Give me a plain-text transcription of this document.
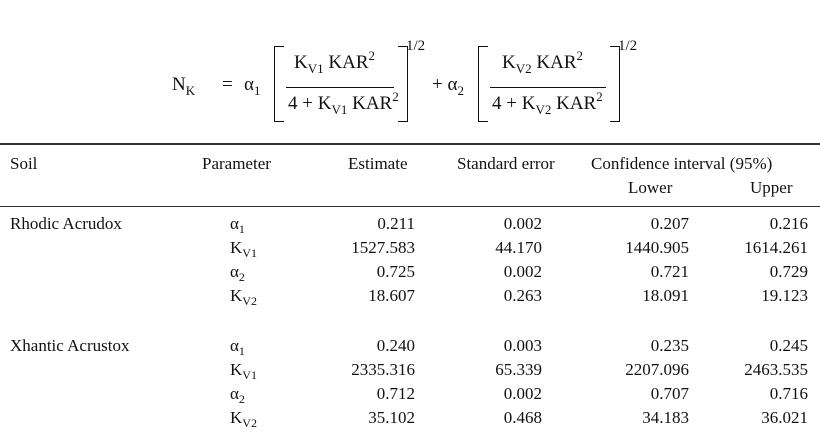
$N_K = \alpha_1$
$K_{V1}$ KAR$^2$
$4 + K_{V1}$ KAR$^2$
1/2
+ $\alpha_2$
$K_{V2}$ KAR$^2$
$4 + K_{V2}$ KAR$^2$
1/2
Soil	Parameter	Estimate	Standard error Confidence interval (95%)
Lower	Upper
Rhodic Acrudox	$\alpha_1$	0.211	0.002	0.207	0.216
$K_{V1}$	1527.583	44.170	1440.905	1614.261
$\alpha_2$	0.725	0.002	0.721	0.729
$K_{V2}$	18.607	0.263	18.091	19.123
Xhantic Acrustox	$\alpha_1$	0.240	0.003	0.235	0.245
$K_{V1}$	2335.316	65.339	2207.096	2463.535
$\alpha_2$	0.712	0.002	0.707	0.716
$K_{V2}$	35.102	0.468	34.183	36.021
